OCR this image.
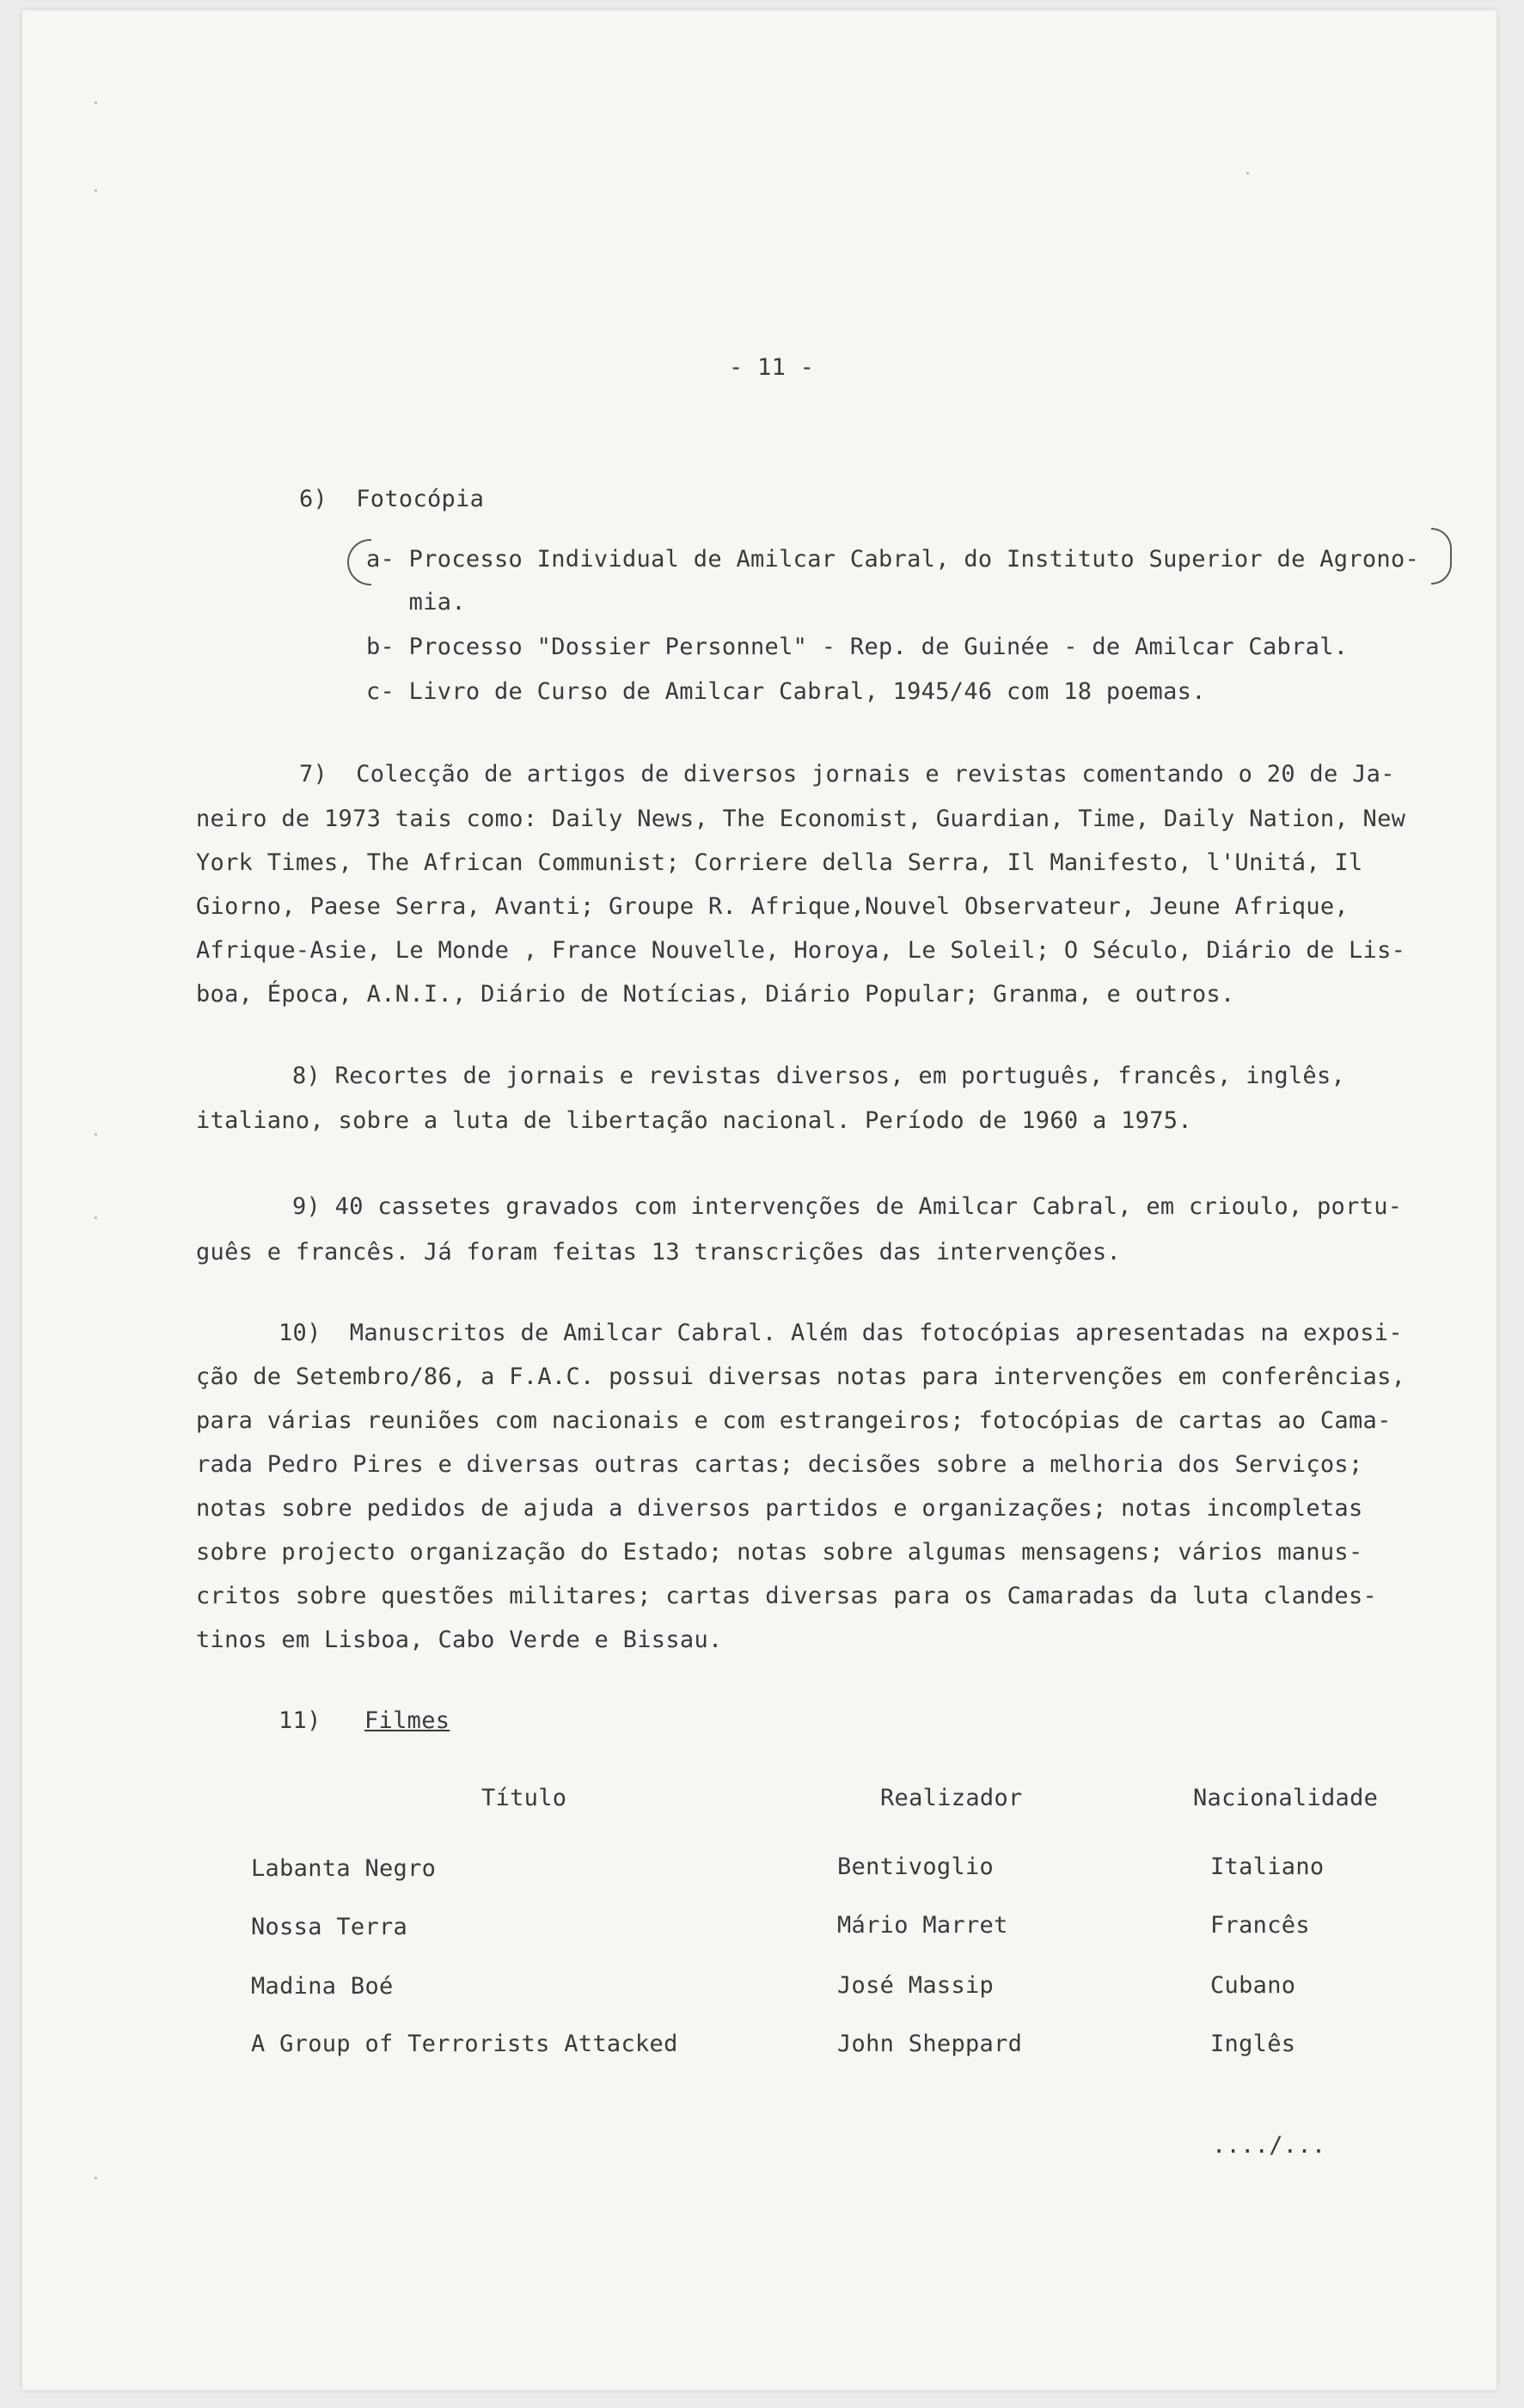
- 11 -
6)  Fotocópia
a- Processo Individual de Amilcar Cabral, do Instituto Superior de Agrono-
mia.
b- Processo "Dossier Personnel" - Rep. de Guinée - de Amilcar Cabral.
c- Livro de Curso de Amilcar Cabral, 1945/46 com 18 poemas.
7)  Colecção de artigos de diversos jornais e revistas comentando o 20 de Ja-
neiro de 1973 tais como: Daily News, The Economist, Guardian, Time, Daily Nation, New
York Times, The African Communist; Corriere della Serra, Il Manifesto, l'Unitá, Il
Giorno, Paese Serra, Avanti; Groupe R. Afrique,Nouvel Observateur, Jeune Afrique,
Afrique-Asie, Le Monde , France Nouvelle, Horoya, Le Soleil; O Século, Diário de Lis-
boa, Época, A.N.I., Diário de Notícias, Diário Popular; Granma, e outros.
8) Recortes de jornais e revistas diversos, em português, francês, inglês,
italiano, sobre a luta de libertação nacional. Período de 1960 a 1975.
9) 40 cassetes gravados com intervenções de Amilcar Cabral, em crioulo, portu-
guês e francês. Já foram feitas 13 transcrições das intervenções.
10)  Manuscritos de Amilcar Cabral. Além das fotocópias apresentadas na exposi-
ção de Setembro/86, a F.A.C. possui diversas notas para intervenções em conferências,
para várias reuniões com nacionais e com estrangeiros; fotocópias de cartas ao Cama-
rada Pedro Pires e diversas outras cartas; decisões sobre a melhoria dos Serviços;
notas sobre pedidos de ajuda a diversos partidos e organizações; notas incompletas
sobre projecto organização do Estado; notas sobre algumas mensagens; vários manus-
critos sobre questões militares; cartas diversas para os Camaradas da luta clandes-
tinos em Lisboa, Cabo Verde e Bissau.
11) Filmes
Título	Realizador	Nacionalidade
Labanta Negro	Bentivoglio	Italiano
Nossa Terra	Mário Marret	Francês
Madina Boé	José Massip	Cubano
A Group of Terrorists Attacked	John Sheppard	Inglês
..../...
